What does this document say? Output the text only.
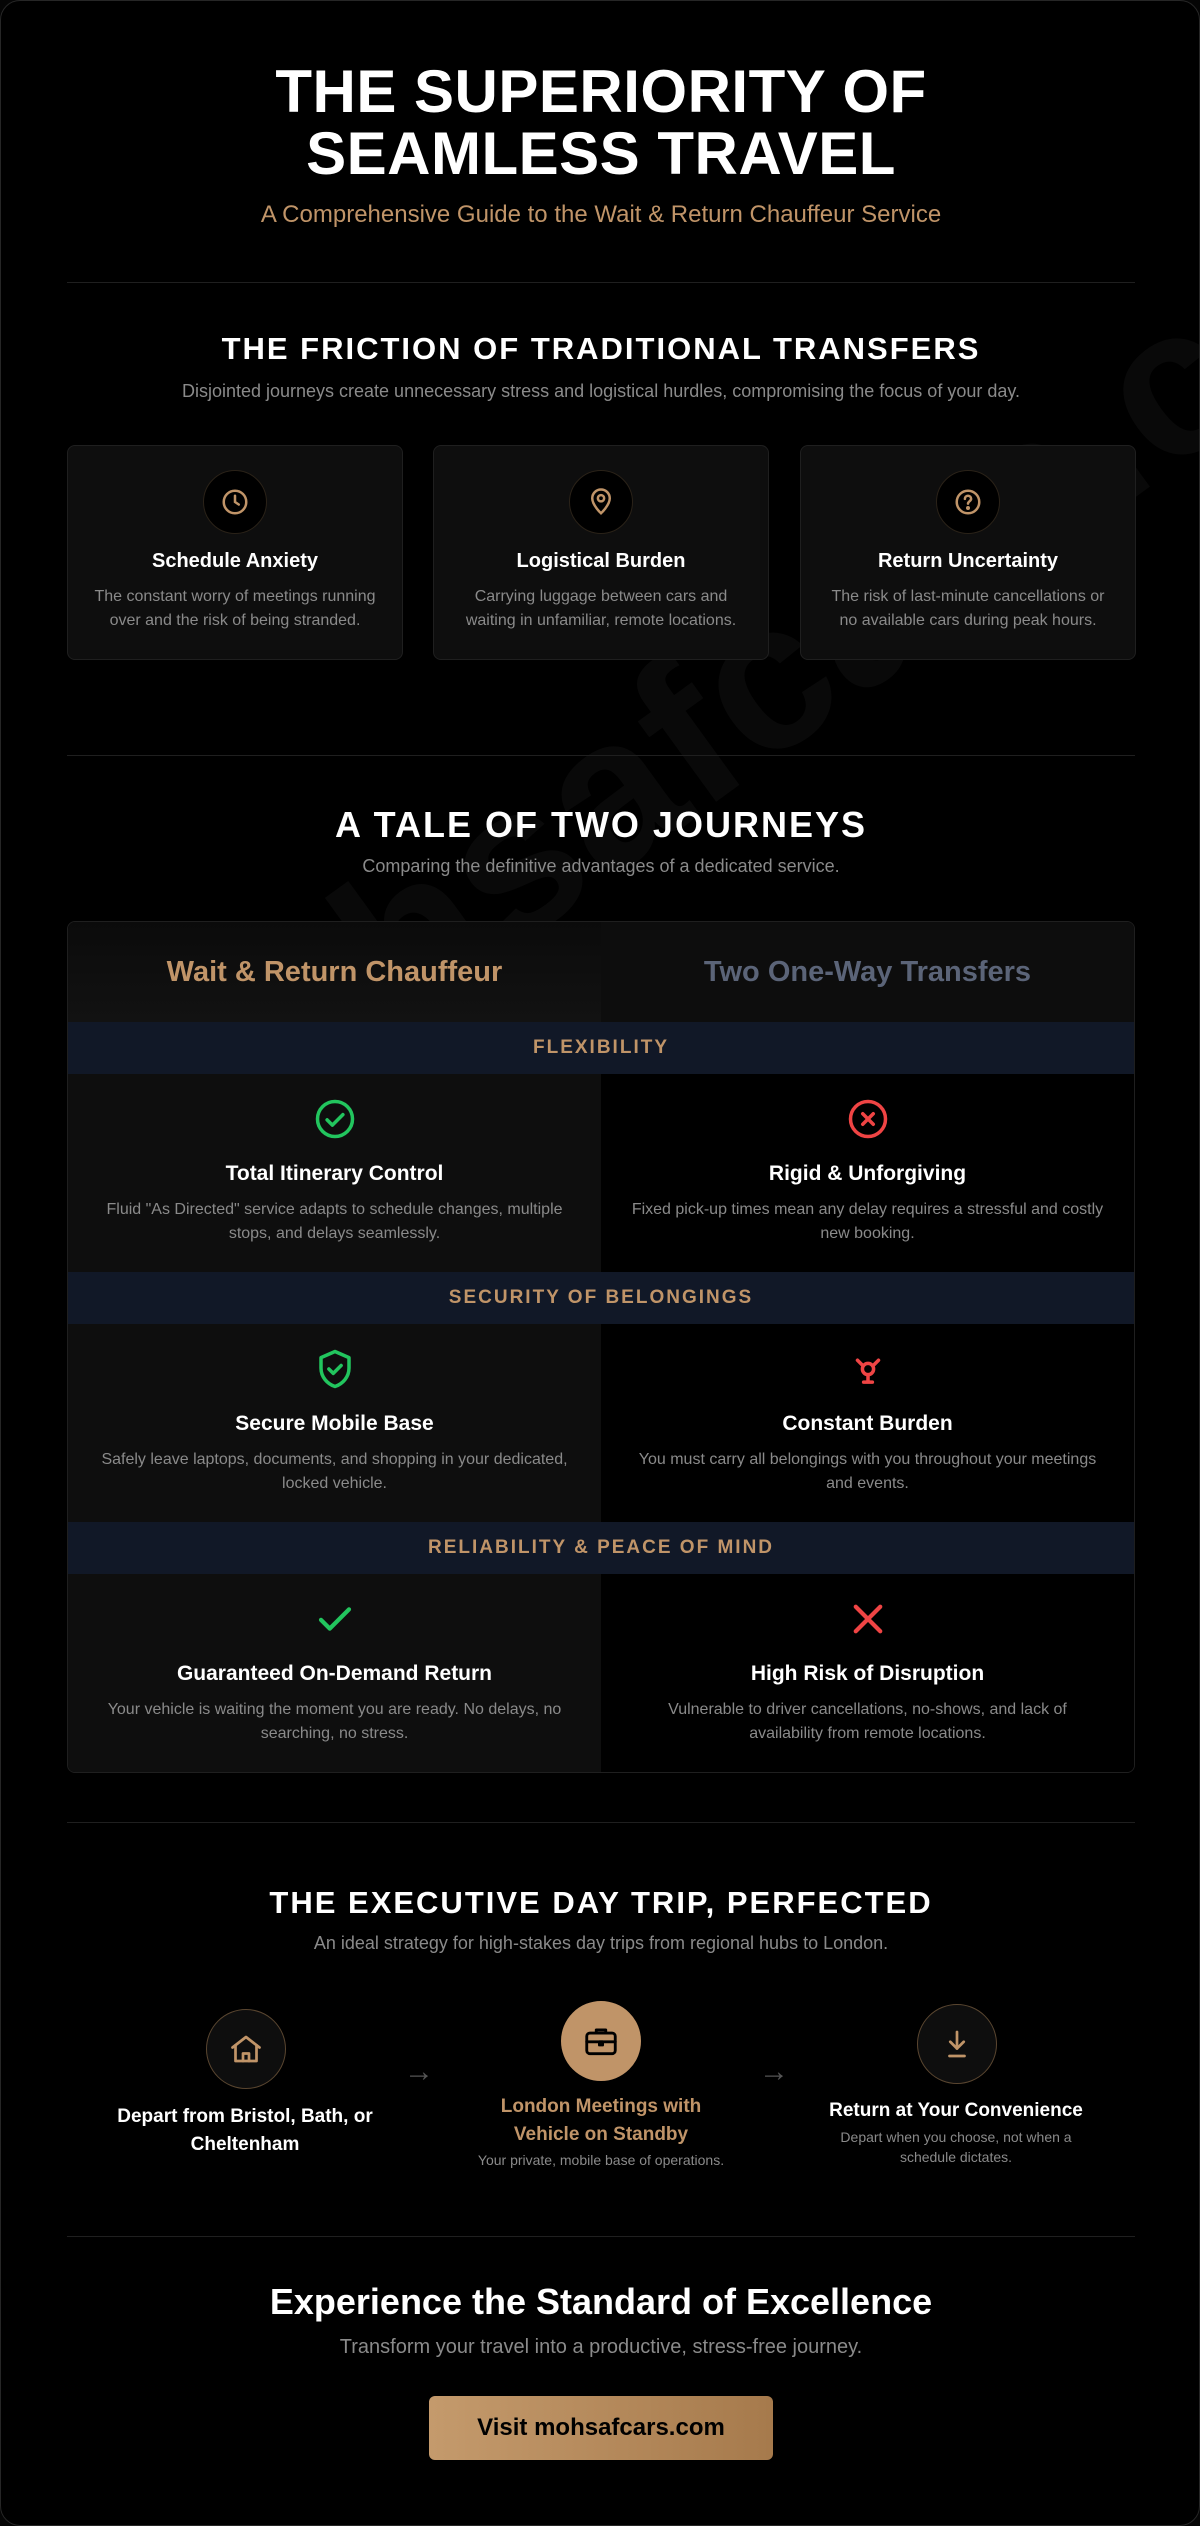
THE SUPERIORITY OF SEAMLESS TRAVEL
A Comprehensive Guide to the Wait & Return Chauffeur Service
THE FRICTION OF TRADITIONAL TRANSFERS
Disjointed journeys create unnecessary stress and logistical hurdles, compromising the focus of your day.
Schedule Anxiety
The constant worry of meetings running over and the risk of being stranded.
Logistical Burden
Carrying luggage between cars and waiting in unfamiliar, remote locations.
Return Uncertainty
The risk of last-minute cancellations or no available cars during peak hours.
A TALE OF TWO JOURNEYS
Comparing the definitive advantages of a dedicated service.
Wait & Return Chauffeur	Two One-Way Transfers
FLEXIBILITY
Total Itinerary Control
Fluid "As Directed" service adapts to schedule changes, multiple stops, and delays seamlessly.
Rigid & Unforgiving
Fixed pick-up times mean any delay requires a stressful and costly new booking.
SECURITY OF BELONGINGS
Secure Mobile Base
Safely leave laptops, documents, and shopping in your dedicated, locked vehicle.
Constant Burden
You must carry all belongings with you throughout your meetings and events.
RELIABILITY & PEACE OF MIND
Guaranteed On-Demand Return
Your vehicle is waiting the moment you are ready. No delays, no searching, no stress.
High Risk of Disruption
Vulnerable to driver cancellations, no-shows, and lack of availability from remote locations.
THE EXECUTIVE DAY TRIP, PERFECTED
An ideal strategy for high-stakes day trips from regional hubs to London.
Depart from Bristol, Bath, or Cheltenham
→
London Meetings with Vehicle on Standby
Your private, mobile base of operations.
→
Return at Your Convenience
Depart when you choose, not when a schedule dictates.
Experience the Standard of Excellence
Transform your travel into a productive, stress-free journey.
Visit mohsafcars.com
